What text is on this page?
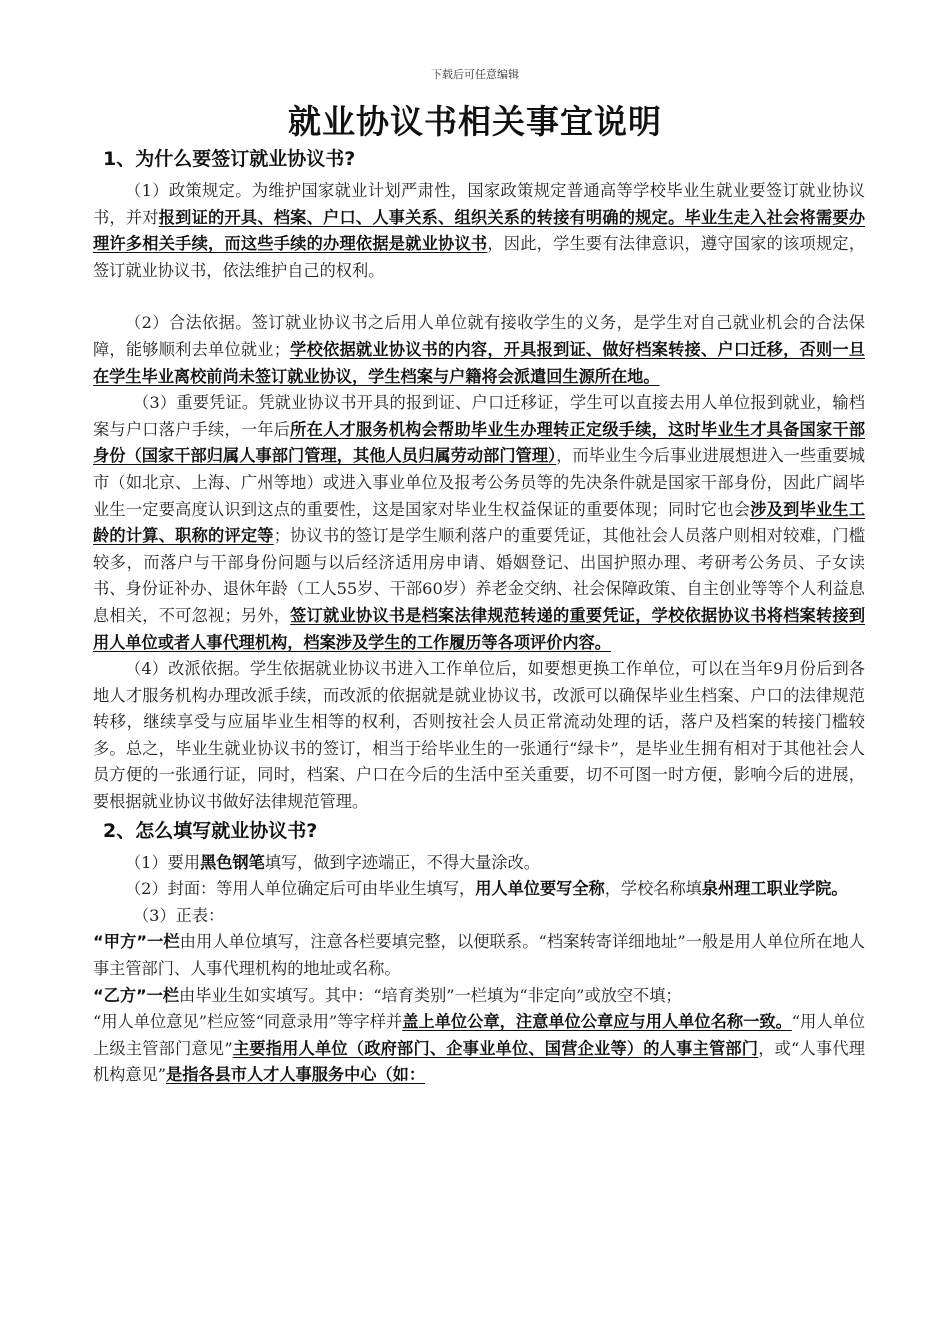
下载后可任意编辑
就业协议书相关事宜说明
1、为什么要签订就业协议书?

（1）政策规定。为维护国家就业计划严肃性，国家政策规定普通高等学校毕业生就业要签订就业协议书，并对报到证的开具、档案、户口、人事关系、组织关系的转接有明确的规定。毕业生走入社会将需要办理许多相关手续，而这些手续的办理依据是就业协议书，因此，学生要有法律意识，遵守国家的该项规定，签订就业协议书，依法维护自己的权利。

（2）合法依据。签订就业协议书之后用人单位就有接收学生的义务，是学生对自己就业机会的合法保障，能够顺利去单位就业；学校依据就业协议书的内容，开具报到证、做好档案转接、户口迁移，否则一旦在学生毕业离校前尚未签订就业协议，学生档案与户籍将会派遣回生源所在地。

（3）重要凭证。凭就业协议书开具的报到证、户口迁移证，学生可以直接去用人单位报到就业，输档案与户口落户手续，一年后所在人才服务机构会帮助毕业生办理转正定级手续，这时毕业生才具备国家干部身份（国家干部归属人事部门管理，其他人员归属劳动部门管理），而毕业生今后事业进展想进入一些重要城市（如北京、上海、广州等地）或进入事业单位及报考公务员等的先决条件就是国家干部身份，因此广阔毕业生一定要高度认识到这点的重要性，这是国家对毕业生权益保证的重要体现；同时它也会涉及到毕业生工龄的计算、职称的评定等；协议书的签订是学生顺利落户的重要凭证，其他社会人员落户则相对较难，门槛较多，而落户与干部身份问题与以后经济适用房申请、婚姻登记、出国护照办理、考研考公务员、子女读书、身份证补办、退休年龄（工人55岁、干部60岁）养老金交纳、社会保障政策、自主创业等等个人利益息息相关，不可忽视；另外，签订就业协议书是档案法律规范转递的重要凭证，学校依据协议书将档案转接到用人单位或者人事代理机构，档案涉及学生的工作履历等各项评价内容。

（4）改派依据。学生依据就业协议书进入工作单位后，如要想更换工作单位，可以在当年9月份后到各地人才服务机构办理改派手续，而改派的依据就是就业协议书，改派可以确保毕业生档案、户口的法律规范转移，继续享受与应届毕业生相等的权利，否则按社会人员正常流动处理的话，落户及档案的转接门槛较多。总之，毕业生就业协议书的签订，相当于给毕业生的一张通行“绿卡”，是毕业生拥有相对于其他社会人员方便的一张通行证，同时，档案、户口在今后的生活中至关重要，切不可图一时方便，影响今后的进展，要根据就业协议书做好法律规范管理。

2、怎么填写就业协议书?

（1）要用黑色钢笔填写，做到字迹端正，不得大量涂改。

（2）封面：等用人单位确定后可由毕业生填写，用人单位要写全称，学校名称填泉州理工职业学院。

（3）正表：

“甲方”一栏由用人单位填写，注意各栏要填完整，以便联系。“档案转寄详细地址”一般是用人单位所在地人事主管部门、人事代理机构的地址或名称。

“乙方”一栏由毕业生如实填写。其中：“培育类别”一栏填为“非定向”或放空不填；

“用人单位意见”栏应签“同意录用”等字样并盖上单位公章，注意单位公章应与用人单位名称一致。“用人单位上级主管部门意见”主要指用人单位（政府部门、企事业单位、国营企业等）的人事主管部门，或“人事代理机构意见”是指各县市人才人事服务中心（如：
